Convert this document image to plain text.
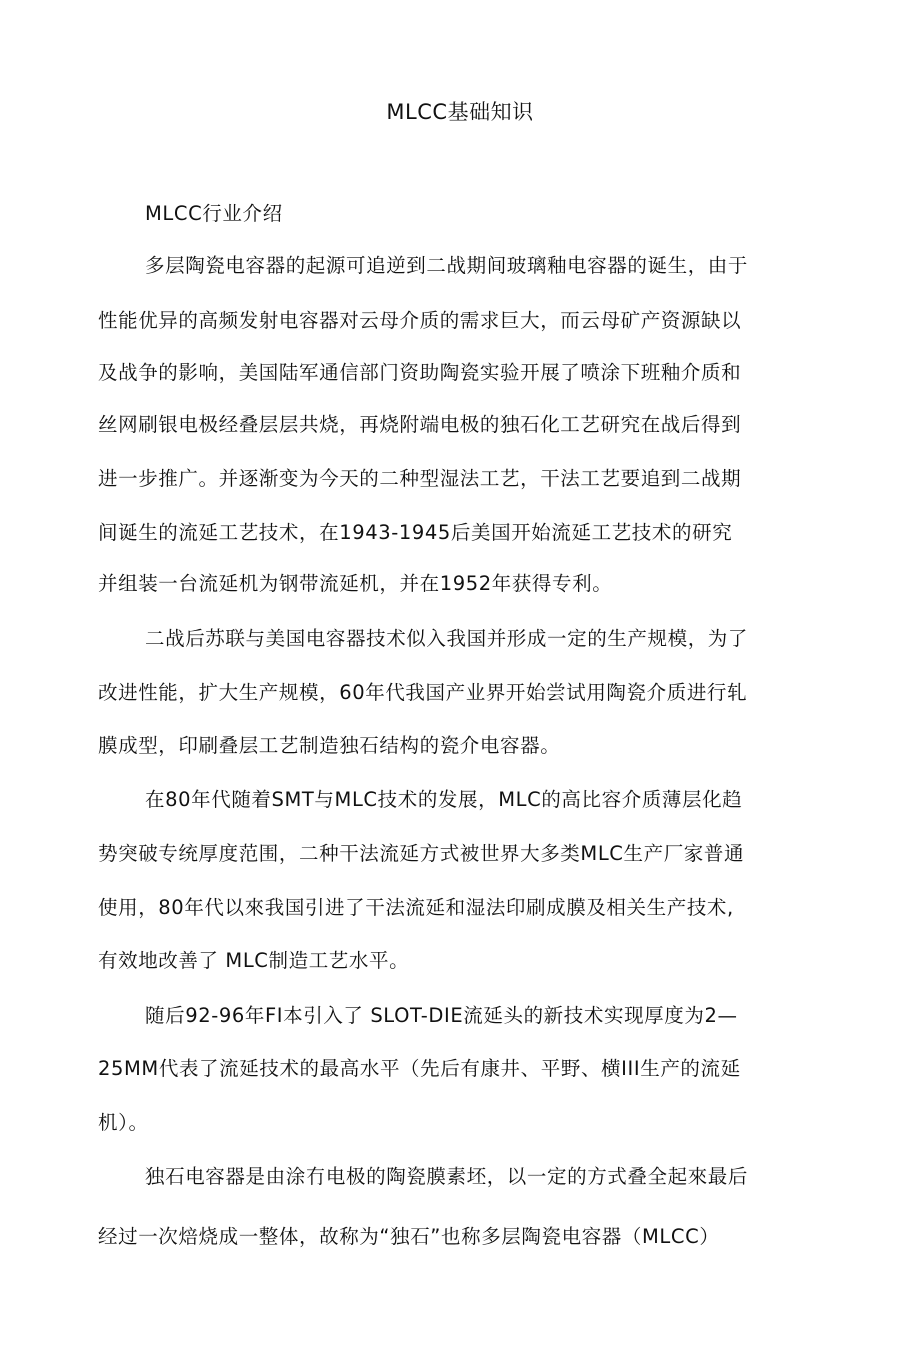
MLCC基础知识
MLCC行业介绍
多层陶瓷电容器的起源可追逆到二战期间玻璃釉电容器的诞生，由于
性能优异的高频发射电容器对云母介质的需求巨大，而云母矿产资源缺以
及战争的影响，美国陆军通信部门资助陶瓷实验开展了喷涂下班釉介质和
丝网刷银电极经叠层层共烧，再烧附端电极的独石化工艺研究在战后得到
进一步推广。并逐渐变为今天的二种型湿法工艺，干法工艺要追到二战期
间诞生的流延工艺技术，在1943-1945后美国开始流延工艺技术的研究
并组装一台流延机为钢带流延机，并在1952年获得专利。
二战后苏联与美国电容器技术似入我国并形成一定的生产规模，为了
改进性能，扩大生产规模，60年代我国产业界开始尝试用陶瓷介质进行轧
膜成型，印刷叠层工艺制造独石结构的瓷介电容器。
在80年代随着SMT与MLC技术的发展，MLC的高比容介质薄层化趋
势突破专统厚度范围，二种干法流延方式被世界大多类MLC生产厂家普通
使用，80年代以來我国引进了干法流延和湿法印刷成膜及相关生产技术,
有效地改善了 MLC制造工艺水平。
随后92-96年FI本引入了 SLOT-DIE流延头的新技术实现厚度为2—
25MM代表了流延技术的最高水平（先后有康井、平野、横III生产的流延
机）。
独石电容器是由涂冇电极的陶瓷膜素坯，以一定的方式叠全起來最后
经过一次焙烧成一整体，故称为“独石”也称多层陶瓷电容器（MLCC）
